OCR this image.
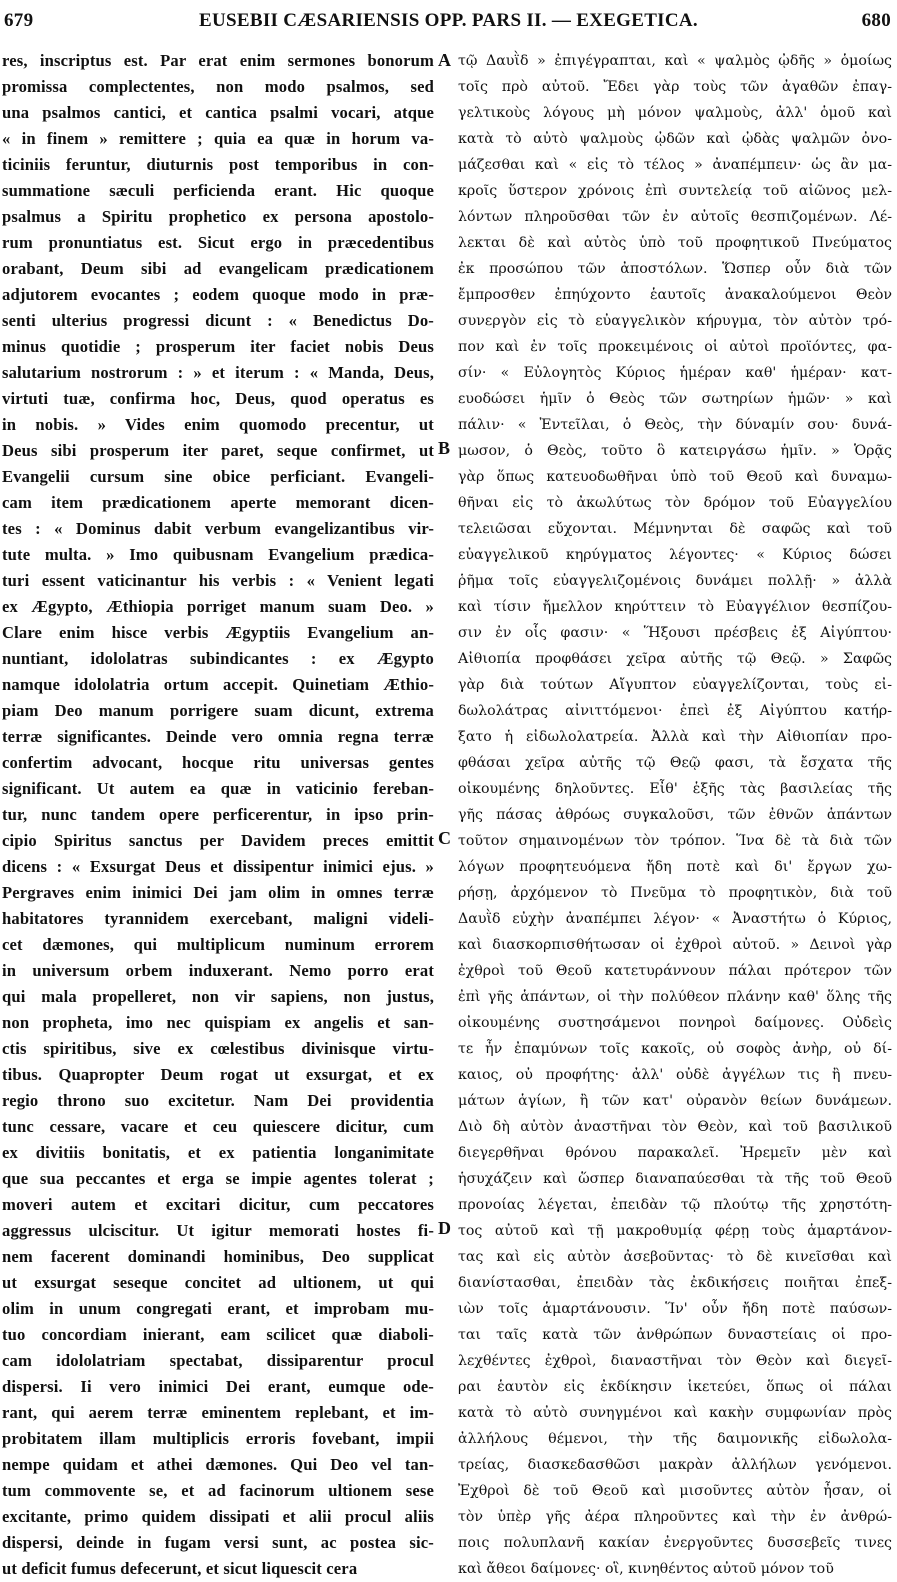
679	EUSEBII CÆSARIENSIS OPP. PARS II. — EXEGETICA.	680
res, inscriptus est. Par erat enim sermones bonorum
promissa complectentes, non modo psalmos, sed
una psalmos cantici, et cantica psalmi vocari, atque
« in finem » remittere ; quia ea quæ in horum va-
ticiniis feruntur, diuturnis post temporibus in con-
summatione sæculi perficienda erant. Hic quoque
psalmus a Spiritu prophetico ex persona apostolo-
rum pronuntiatus est. Sicut ergo in præcedentibus
orabant, Deum sibi ad evangelicam prædicationem
adjutorem evocantes ; eodem quoque modo in præ-
senti ulterius progressi dicunt : « Benedictus Do-
minus quotidie ; prosperum iter faciet nobis Deus
salutarium nostrorum : » et iterum : « Manda, Deus,
virtuti tuæ, confirma hoc, Deus, quod operatus es
in nobis. » Vides enim quomodo precentur, ut
Deus sibi prosperum iter paret, seque confirmet, ut
Evangelii cursum sine obice perficiant. Evangeli-
cam item prædicationem aperte memorant dicen-
tes : « Dominus dabit verbum evangelizantibus vir-
tute multa. » Imo quibusnam Evangelium prædica-
turi essent vaticinantur his verbis : « Venient legati
ex Ægypto, Æthiopia porriget manum suam Deo. »
Clare enim hisce verbis Ægyptiis Evangelium an-
nuntiant, idololatras subindicantes : ex Ægypto
namque idololatria ortum accepit. Quinetiam Æthio-
piam Deo manum porrigere suam dicunt, extrema
terræ significantes. Deinde vero omnia regna terræ
confertim advocant, hocque ritu universas gentes
significant. Ut autem ea quæ in vaticinio fereban-
tur, nunc tandem opere perficerentur, in ipso prin-
cipio Spiritus sanctus per Davidem preces emittit
dicens : « Exsurgat Deus et dissipentur inimici ejus. »
Pergraves enim inimici Dei jam olim in omnes terræ
habitatores tyrannidem exercebant, maligni videli-
cet dæmones, qui multiplicum numinum errorem
in universum orbem induxerant. Nemo porro erat
qui mala propelleret, non vir sapiens, non justus,
non propheta, imo nec quispiam ex angelis et san-
ctis spiritibus, sive ex cœlestibus divinisque virtu-
tibus. Quapropter Deum rogat ut exsurgat, et ex
regio throno suo excitetur. Nam Dei providentia
tunc cessare, vacare et ceu quiescere dicitur, cum
ex divitiis bonitatis, et ex patientia longanimitate
que sua peccantes et erga se impie agentes tolerat ;
moveri autem et excitari dicitur, cum peccatores
aggressus ulciscitur. Ut igitur memorati hostes fi-
nem facerent dominandi hominibus, Deo supplicat
ut exsurgat seseque concitet ad ultionem, ut qui
olim in unum congregati erant, et improbam mu-
tuo concordiam inierant, eam scilicet quæ diaboli-
cam idololatriam spectabat, dissiparentur procul
dispersi. Ii vero inimici Dei erant, eumque ode-
rant, qui aerem terræ eminentem replebant, et im-
probitatem illam multiplicis erroris fovebant, impii
nempe quidam et athei dæmones. Qui Deo vel tan-
tum commovente se, et ad facinorum ultionem sese
excitante, primo quidem dissipati et alii procul aliis
dispersi, deinde in fugam versi sunt, ac postea sic-
ut deficit fumus defecerunt, et sicut liquescit cera
A
B
C
D
τῷ Δαυῒδ » ἐπιγέγραπται, καὶ « ψαλμὸς ᾠδῆς » ὁμοίως
τοῖς πρὸ αὐτοῦ. Ἔδει γὰρ τοὺς τῶν ἀγαθῶν ἐπαγ-
γελτικοὺς λόγους μὴ μόνον ψαλμοὺς, ἀλλ' ὁμοῦ καὶ
κατὰ τὸ αὐτὸ ψαλμοὺς ᾠδῶν καὶ ᾠδὰς ψαλμῶν ὀνο-
μάζεσθαι καὶ « εἰς τὸ τέλος » ἀναπέμπειν· ὡς ἂν μα-
κροῖς ὕστερον χρόνοις ἐπὶ συντελείᾳ τοῦ αἰῶνος μελ-
λόντων πληροῦσθαι τῶν ἐν αὐτοῖς θεσπιζομένων. Λέ-
λεκται δὲ καὶ αὐτὸς ὑπὸ τοῦ προφητικοῦ Πνεύματος
ἐκ προσώπου τῶν ἀποστόλων. Ὥσπερ οὖν διὰ τῶν
ἔμπροσθεν ἐπηύχοντο ἑαυτοῖς ἀνακαλούμενοι Θεὸν
συνεργὸν εἰς τὸ εὐαγγελικὸν κήρυγμα, τὸν αὐτὸν τρό-
πον καὶ ἐν τοῖς προκειμένοις οἱ αὐτοὶ προϊόντες, φα-
σίν· « Εὐλογητὸς Κύριος ἡμέραν καθ' ἡμέραν· κατ-
ευοδώσει ἡμῖν ὁ Θεὸς τῶν σωτηρίων ἡμῶν· » καὶ
πάλιν· « Ἐντεῖλαι, ὁ Θεὸς, τὴν δύναμίν σου· δυνά-
μωσον, ὁ Θεὸς, τοῦτο ὃ κατειργάσω ἡμῖν. » Ὁρᾷς
γὰρ ὅπως κατευοδωθῆναι ὑπὸ τοῦ Θεοῦ καὶ δυναμω-
θῆναι εἰς τὸ ἀκωλύτως τὸν δρόμον τοῦ Εὐαγγελίου
τελειῶσαι εὔχονται. Μέμνηνται δὲ σαφῶς καὶ τοῦ
εὐαγγελικοῦ κηρύγματος λέγοντες· « Κύριος δώσει
ῥῆμα τοῖς εὐαγγελιζομένοις δυνάμει πολλῇ· » ἀλλὰ
καὶ τίσιν ἤμελλον κηρύττειν τὸ Εὐαγγέλιον θεσπίζου-
σιν ἐν οἷς φασιν· « Ἥξουσι πρέσβεις ἐξ Αἰγύπτου·
Αἰθιοπία προφθάσει χεῖρα αὐτῆς τῷ Θεῷ. » Σαφῶς
γὰρ διὰ τούτων Αἴγυπτον εὐαγγελίζονται, τοὺς εἰ-
δωλολάτρας αἰνιττόμενοι· ἐπεὶ ἐξ Αἰγύπτου κατήρ-
ξατο ἡ εἰδωλολατρεία. Ἀλλὰ καὶ τὴν Αἰθιοπίαν προ-
φθάσαι χεῖρα αὐτῆς τῷ Θεῷ φασι, τὰ ἔσχατα τῆς
οἰκουμένης δηλοῦντες. Εἶθ' ἑξῆς τὰς βασιλείας τῆς
γῆς πάσας ἀθρόως συγκαλοῦσι, τῶν ἐθνῶν ἁπάντων
τοῦτον σημαινομένων τὸν τρόπον. Ἵνα δὲ τὰ διὰ τῶν
λόγων προφητευόμενα ἤδη ποτὲ καὶ δι' ἔργων χω-
ρήσῃ, ἀρχόμενον τὸ Πνεῦμα τὸ προφητικὸν, διὰ τοῦ
Δαυῒδ εὐχὴν ἀναπέμπει λέγον· « Ἀναστήτω ὁ Κύριος,
καὶ διασκορπισθήτωσαν οἱ ἐχθροὶ αὐτοῦ. » Δεινοὶ γὰρ
ἐχθροὶ τοῦ Θεοῦ κατετυράννουν πάλαι πρότερον τῶν
ἐπὶ γῆς ἁπάντων, οἱ τὴν πολύθεον πλάνην καθ' ὅλης τῆς
οἰκουμένης συστησάμενοι πονηροὶ δαίμονες. Οὐδεὶς
τε ἦν ἐπαμύνων τοῖς κακοῖς, οὐ σοφὸς ἀνὴρ, οὐ δί-
καιος, οὐ προφήτης· ἀλλ' οὐδὲ ἀγγέλων τις ἢ πνευ-
μάτων ἁγίων, ἢ τῶν κατ' οὐρανὸν θείων δυνάμεων.
Διὸ δὴ αὐτὸν ἀναστῆναι τὸν Θεὸν, καὶ τοῦ βασιλικοῦ
διεγερθῆναι θρόνου παρακαλεῖ. Ἠρεμεῖν μὲν καὶ
ἡσυχάζειν καὶ ὥσπερ διαναπαύεσθαι τὰ τῆς τοῦ Θεοῦ
προνοίας λέγεται, ἐπειδὰν τῷ πλούτῳ τῆς χρηστότη-
τος αὐτοῦ καὶ τῇ μακροθυμίᾳ φέρῃ τοὺς ἁμαρτάνον-
τας καὶ εἰς αὐτὸν ἀσεβοῦντας· τὸ δὲ κινεῖσθαι καὶ
διανίστασθαι, ἐπειδὰν τὰς ἐκδικήσεις ποιῆται ἐπεξ-
ιὼν τοῖς ἁμαρτάνουσιν. Ἵν' οὖν ἤδη ποτὲ παύσων-
ται ταῖς κατὰ τῶν ἀνθρώπων δυναστείαις οἱ προ-
λεχθέντες ἐχθροὶ, διαναστῆναι τὸν Θεὸν καὶ διεγεῖ-
ραι ἑαυτὸν εἰς ἐκδίκησιν ἱκετεύει, ὅπως οἱ πάλαι
κατὰ τὸ αὐτὸ συνηγμένοι καὶ κακὴν συμφωνίαν πρὸς
ἀλλήλους θέμενοι, τὴν τῆς δαιμονικῆς εἰδωλολα-
τρείας, διασκεδασθῶσι μακρὰν ἀλλήλων γενόμενοι.
Ἐχθροὶ δὲ τοῦ Θεοῦ καὶ μισοῦντες αὐτὸν ἦσαν, οἱ
τὸν ὑπὲρ γῆς ἀέρα πληροῦντες καὶ τὴν ἐν ἀνθρώ-
ποις πολυπλανῆ κακίαν ἐνεργοῦντες δυσσεβεῖς τινες
καὶ ἄθεοι δαίμονες· οἳ, κινηθέντος αὐτοῦ μόνον τοῦ
